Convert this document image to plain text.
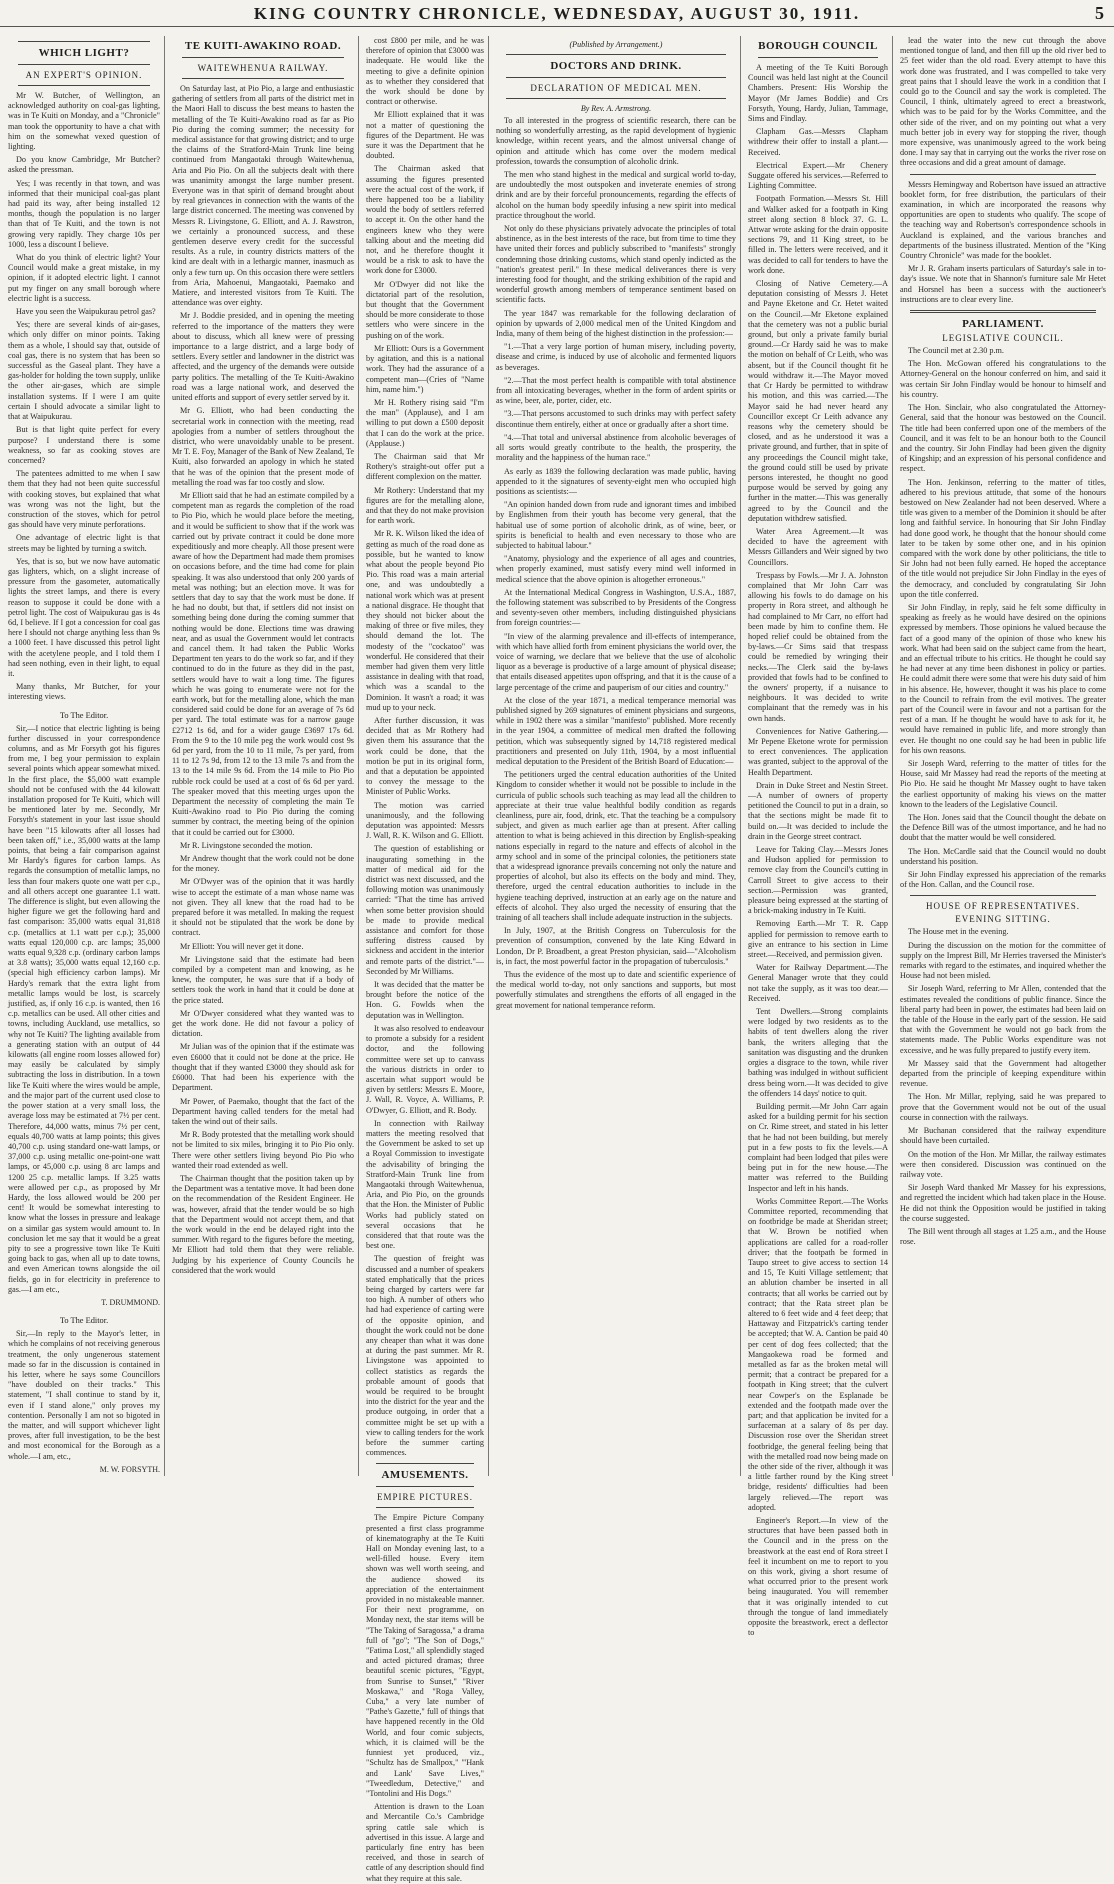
KING COUNTRY CHRONICLE, WEDNESDAY, AUGUST 30, 1911.	5
WHICH LIGHT?
AN EXPERT'S OPINION.

Mr W. Butcher, of Wellington, an acknowledged authority on coal-gas lighting, was in Te Kuiti on Monday, and a "Chronicle" man took the opportunity to have a chat with him on the somewhat vexed question of lighting.

Do you know Cambridge, Mr Butcher? asked the pressman.

Yes; I was recently in that town, and was informed that their municipal coal-gas plant had paid its way, after being installed 12 months, though the population is no larger than that of Te Kuiti, and the town is not growing very rapidly. They charge 10s per 1000, less a discount I believe.

What do you think of electric light? Your Council would make a great mistake, in my opinion, if it adopted electric light. I cannot put my finger on any small borough where electric light is a success.

Have you seen the Waipukurau petrol gas?

Yes; there are several kinds of air-gases, which only differ on minor points. Taking them as a whole, I should say that, outside of coal gas, there is no system that has been so successful as the Gaseal plant. They have a gas-holder for holding the town supply, unlike the other air-gases, which are simple installation systems. If I were I am quite certain I should advocate a similar light to that at Waipukurau.

But is that light quite perfect for every purpose? I understand there is some weakness, so far as cooking stoves are concerned?

The patentees admitted to me when I saw them that they had not been quite successful with cooking stoves, but explained that what was wrong was not the light, but the construction of the stoves, which for petrol gas should have very minute perforations.

One advantage of electric light is that streets may be lighted by turning a switch.

Yes, that is so, but we now have automatic gas lighters, which, on a slight increase of pressure from the gasometer, automatically lights the street lamps, and there is every reason to suppose it could be done with a petrol light. The cost of Waipukurau gas is 4s 6d, I believe. If I got a concession for coal gas here I should not charge anything less than 9s a 1000 feet. I have discussed this petrol light with the acetylene people, and I told them I had seen nothing, even in their light, to equal it.

Many thanks, Mr Butcher, for your interesting views.

To The Editor.

Sir,—I notice that electric lighting is being further discussed in your correspondence columns, and as Mr Forsyth got his figures from me, I beg your permission to explain several points which appear somewhat mixed. In the first place, the $5,000 watt example should not be confused with the 44 kilowatt installation proposed for Te Kuiti, which will be mentioned later by me. Secondly, Mr Forsyth's statement in your last issue should have been "15 kilowatts after all losses had been taken off," i.e., 35,000 watts at the lamp points, that being a fair comparison against Mr Hardy's figures for carbon lamps. As regards the consumption of metallic lamps, no less than four makers quote one watt per c.p., and all others accept one guarantee 1.1 watt. The difference is slight, but even allowing the higher figure we get the following hard and fast comparison: 35,000 watts equal 31,818 c.p. (metallics at 1.1 watt per c.p.); 35,000 watts equal 120,000 c.p. arc lamps; 35,000 watts equal 9,328 c.p. (ordinary carbon lamps at 3.8 watts); 35,000 watts equal 12,160 c.p. (special high efficiency carbon lamps). Mr Hardy's remark that the extra light from metallic lamps would be lost, is scarcely justified, as, if only 16 c.p. is wanted, then 16 c.p. metallics can be used. All other cities and towns, including Auckland, use metallics, so why not Te Kuiti? The lighting available from a generating station with an output of 44 kilowatts (all engine room losses allowed for) may easily be calculated by simply subtracting the loss in distribution. In a town like Te Kuiti where the wires would be ample, and the major part of the current used close to the power station at a very small loss, the average loss may be estimated at 7½ per cent. Therefore, 44,000 watts, minus 7½ per cent, equals 40,700 watts at lamp points; this gives 40,700 c.p. using standard one-watt lamps, or 37,000 c.p. using metallic one-point-one watt lamps, or 45,000 c.p. using 8 arc lamps and 1200 25 c.p. metallic lamps. If 3.25 watts were allowed per c.p., as proposed by Mr Hardy, the loss allowed would be 200 per cent! It would be somewhat interesting to know what the losses in pressure and leakage on a similar gas system would amount to. In conclusion let me say that it would be a great pity to see a progressive town like Te Kuiti going back to gas, when all up to date towns, and even American towns alongside the oil fields, go in for electricity in preference to gas.—I am etc.,

T. DRUMMOND.

To The Editor.

Sir,—In reply to the Mayor's letter, in which he complains of not receiving generous treatment, the only ungenerous statement made so far in the discussion is contained in his letter, where he says some Councillors "have doubled on their tracks." This statement, "I shall continue to stand by it, even if I stand alone," only proves my contention. Personally I am not so bigoted in the matter, and will support whichever light proves, after full investigation, to be the best and most economical for the Borough as a whole.—I am, etc.,

M. W. FORSYTH.

TE KUITI-AWAKINO ROAD.
WAITEWHENUA RAILWAY.

On Saturday last, at Pio Pio, a large and enthusiastic gathering of settlers from all parts of the district met in the Maori Hall to discuss the best means to hasten the metalling of the Te Kuiti-Awakino road as far as Pio Pio during the coming summer; the necessity for medical assistance for that growing district; and to urge the claims of the Stratford-Main Trunk line being continued from Mangaotaki through Waitewhenua, Aria and Pio Pio. On all the subjects dealt with there was unanimity amongst the large number present. Everyone was in that spirit of demand brought about by real grievances in connection with the wants of the large district concerned. The meeting was convened by Messrs R. Livingstone, G. Elliott, and A. J. Rawstron, we certainly a pronounced success, and these gentlemen deserve every credit for the successful results. As a rule, in country districts matters of the kind are dealt with in a lethargic manner, inasmuch as only a few turn up. On this occasion there were settlers from Aria, Mahoenui, Mangaotaki, Paemako and Matiere, and interested visitors from Te Kuiti. The attendance was over eighty.

Mr J. Boddie presided, and in opening the meeting referred to the importance of the matters they were about to discuss, which all knew were of pressing importance to a large district, and a large body of settlers. Every settler and landowner in the district was affected, and the urgency of the demands were outside party politics. The metalling of the Te Kuiti-Awakino road was a large national work, and deserved the united efforts and support of every settler served by it.

Mr G. Elliott, who had been conducting the secretarial work in connection with the meeting, read apologies from a number of settlers throughout the district, who were unavoidably unable to be present. Mr T. E. Foy, Manager of the Bank of New Zealand, Te Kuiti, also forwarded an apology in which he stated that he was of the opinion that the present mode of metalling the road was far too costly and slow.

Mr Elliott said that he had an estimate compiled by a competent man as regards the completion of the road to Pio Pio, which he would place before the meeting, and it would be sufficient to show that if the work was carried out by private contract it could be done more expeditiously and more cheaply. All those present were aware of how the Department had made them promises on occasions before, and the time had come for plain speaking. It was also understood that only 200 yards of metal was nothing; but an election move. It was for settlers that day to say that the work must be done. If he had no doubt, but that, if settlers did not insist on something being done during the coming summer that nothing would be done. Elections time was drawing near, and as usual the Government would let contracts and cancel them. It had taken the Public Works Department ten years to do the work so far, and if they continued to do in the future as they did in the past, settlers would have to wait a long time. The figures which he was going to enumerate were not for the earth work, but for the metalling alone, which the man considered said could be done for an average of 7s 6d per yard. The total estimate was for a narrow gauge £2712 1s 6d, and for a wider gauge £3697 17s 6d. From the 9 to the 10 mile peg the work would cost 9s 6d per yard, from the 10 to 11 mile, 7s per yard, from 11 to 12 7s 9d, from 12 to the 13 mile 7s and from the 13 to the 14 mile 9s 6d. From the 14 mile to Pio Pio rubble rock could be used at a cost of 6s 6d per yard. The speaker moved that this meeting urges upon the Department the necessity of completing the main Te Kuiti-Awakino road to Pio Pio during the coming summer by contract, the meeting being of the opinion that it could be carried out for £3000.

Mr R. Livingstone seconded the motion.

Mr Andrew thought that the work could not be done for the money.

Mr O'Dwyer was of the opinion that it was hardly wise to accept the estimate of a man whose name was not given. They all knew that the road had to be prepared before it was metalled. In making the request it should not be stipulated that the work be done by contract.

Mr Elliott: You will never get it done.

Mr Livingstone said that the estimate had been compiled by a competent man and knowing, as he knew, the computer, he was sure that if a body of settlers took the work in hand that it could be done at the price stated.

Mr O'Dwyer considered what they wanted was to get the work done. He did not favour a policy of dictation.

Mr Julian was of the opinion that if the estimate was even £6000 that it could not be done at the price. He thought that if they wanted £3000 they should ask for £6000. That had been his experience with the Department.

Mr Power, of Paemako, thought that the fact of the Department having called tenders for the metal had taken the wind out of their sails.

Mr R. Body protested that the metalling work should not be limited to six miles, bringing it to Pio Pio only. There were other settlers living beyond Pio Pio who wanted their road extended as well.

The Chairman thought that the position taken up by the Department was a tentative move. It had been done on the recommendation of the Resident Engineer. He was, however, afraid that the tender would be so high that the Department would not accept them, and that the work would in the end be delayed right into the summer. With regard to the figures before the meeting, Mr Elliott had told them that they were reliable. Judging by his experience of County Councils he considered that the work would

cost £800 per mile, and he was therefore of opinion that £3000 was inadequate. He would like the meeting to give a definite opinion as to whether they considered that the work should be done by contract or otherwise.

Mr Elliott explained that it was not a matter of questioning the figures of the Department. He was sure it was the Department that he doubted.

The Chairman asked that assuming the figures presented were the actual cost of the work, if there happened too be a liability would the body of settlers referred to accept it. On the other hand the engineers knew who they were talking about and the meeting did not, and he therefore thought it would be a risk to ask to have the work done for £3000.

Mr O'Dwyer did not like the dictatorial part of the resolution, but thought that the Government should be more considerate to those settlers who were sincere in the pushing on of the work.

Mr Elliott: Ours is a Government by agitation, and this is a national work. They had the assurance of a competent man—(Cries of "Name him, name him.")

Mr H. Rothery rising said "I'm the man" (Applause), and I am willing to put down a £500 deposit that I can do the work at the price. (Applause.)

The Chairman said that Mr Rothery's straight-out offer put a different complexion on the matter.

Mr Rothery: Understand that my figures are for the metalling alone, and that they do not make provision for earth work.

Mr R. K. Wilson liked the idea of getting as much of the road done as possible, but he wanted to know what about the people beyond Pio Pio. This road was a main arterial one, and was undoubtedly a national work which was at present a national disgrace. He thought that they should not bicker about the making of three or five miles, they should demand the lot. The modesty of the "cockatoo" was wonderful. He considered that their member had given them very little assistance in dealing with that road, which was a scandal to the Dominion. It wasn't a road; it was mud up to your neck.

After further discussion, it was decided that as Mr Rothery had given them his assurance that the work could be done, that the motion be put in its original form, and that a deputation be appointed to convey the message to the Minister of Public Works.

The motion was carried unanimously, and the following deputation was appointed: Messrs J. Wall, R. K. Wilson and G. Elliott.

The question of establishing or inaugurating something in the matter of medical aid for the district was next discussed, and the following motion was unanimously carried: "That the time has arrived when some better provision should be made to provide medical assistance and comfort for those suffering distress caused by sickness and accident in the interior and remote parts of the district."—Seconded by Mr Williams.

It was decided that the matter be brought before the notice of the Hon. G. Fowlds when the deputation was in Wellington.

It was also resolved to endeavour to promote a subsidy for a resident doctor, and the following committee were set up to canvass the various districts in order to ascertain what support would be given by settlers: Messrs E. Moore, J. Wall, R. Voyce, A. Williams, P. O'Dwyer, G. Elliott, and R. Body.

In connection with Railway matters the meeting resolved that the Government be asked to set up a Royal Commission to investigate the advisability of bringing the Stratford-Main Trunk line from Mangaotaki through Waitewhenua, Aria, and Pio Pio, on the grounds that the Hon. the Minister of Public Works had publicly stated on several occasions that he considered that that route was the best one.

The question of freight was discussed and a number of speakers stated emphatically that the prices being charged by carters were far too high. A number of others who had had experience of carting were of the opposite opinion, and thought the work could not be done any cheaper than what it was done at during the past summer. Mr R. Livingstone was appointed to collect statistics as regards the probable amount of goods that would be required to be brought into the district for the year and the produce outgoing, in order that a committee might be set up with a view to calling tenders for the work before the summer carting commences.

AMUSEMENTS.
EMPIRE PICTURES.

The Empire Picture Company presented a first class programme of kinematography at the Te Kuiti Hall on Monday evening last, to a well-filled house. Every item shown was well worth seeing, and the audience showed its appreciation of the entertainment provided in no mistakeable manner. For their next programme, on Monday next, the star items will be "The Taking of Saragossa," a drama full of "go"; "The Son of Dogs," "Fatima Lost," all splendidly staged and acted pictured dramas; three beautiful scenic pictures, "Egypt, from Sunrise to Sunset," "River Moskawa," and "Roga Valley, Cuba," a very late number of "Pathe's Gazette," full of things that have happened recently in the Old World, and four comic subjects, which, it is claimed will be the funniest yet produced, viz., "Schultz has de Smallpox," "'Hank and Lank' Save Lives," "Tweedledum, Detective," and "Tontolini and His Dogs."

Attention is drawn to the Loan and Mercantile Co.'s Cambridge spring cattle sale which is advertised in this issue. A large and particularly fine entry has been received, and those in search of cattle of any description should find what they require at this sale.

(Published by Arrangement.)
DOCTORS AND DRINK.
DECLARATION OF MEDICAL MEN.
By Rev. A. Armstrong.

To all interested in the progress of scientific research, there can be nothing so wonderfully arresting, as the rapid development of hygienic knowledge, within recent years, and the almost universal change of opinion and attitude which has come over the modern medical profession, towards the consumption of alcoholic drink.

The men who stand highest in the medical and surgical world to-day, are undoubtedly the most outspoken and inveterate enemies of strong drink and are by their forceful pronouncements, regarding the effects of alcohol on the human body speedily infusing a new spirit into medical practice throughout the world.

Not only do these physicians privately advocate the principles of total abstinence, as in the best interests of the race, but from time to time they have united their forces and publicly subscribed to "manifests" strongly condemning those drinking customs, which stand openly indicted as the "nation's greatest peril." In these medical deliverances there is very interesting food for thought, and the striking exhibition of the rapid and wonderful growth among members of temperance sentiment based on scientific facts.

The year 1847 was remarkable for the following declaration of opinion by upwards of 2,000 medical men of the United Kingdom and India, many of them being of the highest distinction in the profession:—

"1.—That a very large portion of human misery, including poverty, disease and crime, is induced by use of alcoholic and fermented liquors as beverages.

"2.—That the most perfect health is compatible with total abstinence from all intoxicating beverages, whether in the form of ardent spirits or as wine, beer, ale, porter, cider, etc.

"3.—That persons accustomed to such drinks may with perfect safety discontinue them entirely, either at once or gradually after a short time.

"4.—That total and universal abstinence from alcoholic beverages of all sorts would greatly contribute to the health, the prosperity, the morality and the happiness of the human race."

As early as 1839 the following declaration was made public, having appended to it the signatures of seventy-eight men who occupied high positions as scientists:—

"An opinion handed down from rude and ignorant times and imbibed by Englishmen from their youth has become very general, that the habitual use of some portion of alcoholic drink, as of wine, beer, or spirits is beneficial to health and even necessary to those who are subjected to habitual labour."

"Anatomy, physiology and the experience of all ages and countries, when properly examined, must satisfy every mind well informed in medical science that the above opinion is altogether erroneous."

At the International Medical Congress in Washington, U.S.A., 1887, the following statement was subscribed to by Presidents of the Congress and seventy-seven other members, including distinguished physicians from foreign countries:—

"In view of the alarming prevalence and ill-effects of intemperance, with which have allied forth from eminent physicians the world over, the voice of warning, we declare that we believe that the use of alcoholic liquor as a beverage is productive of a large amount of physical disease; that entails diseased appetites upon offspring, and that it is the cause of a large percentage of the crime and pauperism of our cities and country."

At the close of the year 1871, a medical temperance memorial was published signed by 269 signatures of eminent physicians and surgeons, while in 1902 there was a similar "manifesto" published. More recently in the year 1904, a committee of medical men drafted the following petition, which was subsequently signed by 14,718 registered medical practitioners and presented on July 11th, 1904, by a most influential medical deputation to the President of the British Board of Education:—

The petitioners urged the central education authorities of the United Kingdom to consider whether it would not be possible to include in the curricula of public schools such teaching as may lead all the children to appreciate at their true value healthful bodily condition as regards cleanliness, pure air, food, drink, etc. That the teaching be a compulsory subject, and given as much earlier age than at present. After calling attention to what is being achieved in this direction by English-speaking nations especially in regard to the nature and effects of alcohol in the army school and in some of the principal colonies, the petitioners state that a widespread ignorance prevails concerning not only the nature and properties of alcohol, but also its effects on the body and mind. They, therefore, urged the central education authorities to include in the hygiene teaching deprived, instruction at an early age on the nature and effects of alcohol. They also urged the necessity of ensuring that the training of all teachers shall include adequate instruction in the subjects.

In July, 1907, at the British Congress on Tuberculosis for the prevention of consumption, convened by the late King Edward in London, Dr P. Broadbent, a great Preston physician, said—"Alcoholism is, in fact, the most powerful factor in the propagation of tuberculosis."

Thus the evidence of the most up to date and scientific experience of the medical world to-day, not only sanctions and supports, but most powerfully stimulates and strengthens the efforts of all engaged in the great movement for national temperance reform.

BOROUGH COUNCIL

A meeting of the Te Kuiti Borough Council was held last night at the Council Chambers. Present: His Worship the Mayor (Mr James Boddie) and Crs Forsyth, Young, Hardy, Julian, Tammage, Sims and Findlay.

Clapham Gas.—Messrs Clapham withdrew their offer to install a plant.—Received.

Electrical Expert.—Mr Chenery Suggate offered his services.—Referred to Lighting Committee.

Footpath Formation.—Messrs St. Hill and Walker asked for a footpath in King street along section 8 block 37. G. L. Attwar wrote asking for the drain opposite sections 79, and 11 King street, to be filled in. The letters were received, and it was decided to call for tenders to have the work done.

Closing of Native Cemetery.—A deputation consisting of Messrs J. Hetet and Payne Eketone and Cr. Hetet waited on the Council.—Mr Eketone explained that the cemetery was not a public burial ground, but only a private family burial ground.—Cr Hardy said he was to make the motion on behalf of Cr Leith, who was absent, but if the Council thought fit he would withdraw it.—The Mayor moved that Cr Hardy be permitted to withdraw his motion, and this was carried.—The Mayor said he had never heard any Councillor except Cr Leith advance any reasons why the cemetery should be closed, and as he understood it was a private ground, and further, that in spite of any proceedings the Council might take, the ground could still be used by private persons interested, he thought no good purpose would be served by going any further in the matter.—This was generally agreed to by the Council and the deputation withdrew satisfied.

Water Area Agreement.—It was decided to have the agreement with Messrs Gillanders and Weir signed by two Councillors.

Trespass by Fowls.—Mr J. A. Johnston complained that Mr John Carr was allowing his fowls to do damage on his property in Rora street, and although he had complained to Mr Carr, no effort had been made by him to confine them. He hoped relief could be obtained from the by-laws.—Cr Sims said that trespass could be remedied by wringing their necks.—The Clerk said the by-laws provided that fowls had to be confined to the owners' property, if a nuisance to neighbours. It was decided to write complainant that the remedy was in his own hands.

Conveniences for Native Gathering.—Mr Pepene Eketone wrote for permission to erect conveniences. The application was granted, subject to the approval of the Health Department.

Drain in Duke Street and Nestin Street.—A number of owners of property petitioned the Council to put in a drain, so that the sections might be made fit to build on.—It was decided to include the drain in the George street contract.

Leave for Taking Clay.—Messrs Jones and Hudson applied for permission to remove clay from the Council's cutting in Carroll Street to give access to their section.—Permission was granted, pleasure being expressed at the starting of a brick-making industry in Te Kuiti.

Removing Earth.—Mr T. R. Capp applied for permission to remove earth to give an entrance to his section in Lime street.—Received, and permission given.

Water for Railway Department.—The General Manager wrote that they could not take the supply, as it was too dear.—Received.

Tent Dwellers.—Strong complaints were lodged by two residents as to the habits of tent dwellers along the river bank, the writers alleging that the sanitation was disgusting and the drunken orgies a disgrace to the town, while river bathing was indulged in without sufficient dress being worn.—It was decided to give the offenders 14 days' notice to quit.

Building permit.—Mr John Carr again asked for a building permit for his section on Cr. Rime street, and stated in his letter that he had not been building, but merely put in a few posts to fix the levels.—A complaint had been lodged that piles were being put in for the new house.—The matter was referred to the Building Inspector and left in his hands.

Works Committee Report.—The Works Committee reported, recommending that on footbridge be made at Sheridan street; that W. Brown be notified when applications are called for a road-roller driver; that the footpath be formed in Taupo street to give access to section 14 and 15, Te Kuiti Village settlement; that an ablution chamber be inserted in all contracts; that all works be carried out by contract; that the Rata street plan be altered to 6 feet wide and 4 feet deep; that Hattaway and Fitzpatrick's carting tender be accepted; that W. A. Cantion be paid 40 per cent of dog fees collected; that the Mangaokewa road be formed and metalled as far as the broken metal will permit; that a contract be prepared for a footpath in King street; that the culvert near Cowper's on the Esplanade be extended and the footpath made over the part; and that application be invited for a surfaceman at a salary of 8s per day. Discussion rose over the Sheridan street footbridge, the general feeling being that with the metalled road now being made on the other side of the river, although it was a little farther round by the King street bridge, residents' difficulties had been largely relieved.—The report was adopted.

Engineer's Report.—In view of the structures that have been passed both in the Council and in the press on the breastwork at the east end of Rora street I feel it incumbent on me to report to you on this work, giving a short resume of what occurred prior to the present work being inaugurated. You will remember that it was originally intended to cut through the tongue of land immediately opposite the breastwork, erect a deflector to

lead the water into the new cut through the above mentioned tongue of land, and then fill up the old river bed to 25 feet wider than the old road. Every attempt to have this work done was frustrated, and I was compelled to take very great pains that I should leave the work in a condition that I could go to the Council and say the work is completed. The Council, I think, ultimately agreed to erect a breastwork, which was to be paid for by the Works Committee, and the other side of the river, and on my pointing out what a very much better job in every way for stopping the river, though more expensive, was unanimously agreed to the work being done. I may say that in carrying out the works the river rose on three occasions and did a great amount of damage.

Messrs Hemingway and Robertson have issued an attractive booklet form, for free distribution, the particulars of their examination, in which are incorporated the reasons why opportunities are open to students who qualify. The scope of the teaching way and Robertson's correspondence schools in Auckland is explained, and the various branches and departments of the business illustrated. Mention of the "King Country Chronicle" was made for the booklet.

Mr J. R. Graham inserts particulars of Saturday's sale in to-day's issue. We note that in Shannon's furniture sale Mr Hetet and Horsnel has been a success with the auctioneer's instructions are to clear every line.

PARLIAMENT.
LEGISLATIVE COUNCIL.

The Council met at 2.30 p.m.

The Hon. McGowan offered his congratulations to the Attorney-General on the honour conferred on him, and said it was certain Sir John Findlay would be honour to himself and his country.

The Hon. Sinclair, who also congratulated the Attorney-General, said that the honour was bestowed on the Council. The title had been conferred upon one of the members of the Council, and it was felt to be an honour both to the Council and the country. Sir John Findlay had been given the dignity of Kingship; and an expression of his personal confidence and respect.

The Hon. Jenkinson, referring to the matter of titles, adhered to his previous attitude, that some of the honours bestowed on New Zealander had not been deserved. Where a title was given to a member of the Dominion it should be after long and faithful service. In honouring that Sir John Findlay had done good work, he thought that the honour should come later to be taken by some other one, and in his opinion compared with the work done by other politicians, the title to Sir John had not been fully earned. He hoped the acceptance of the title would not prejudice Sir John Findlay in the eyes of the democracy, and concluded by congratulating Sir John upon the title conferred.

Sir John Findlay, in reply, said he felt some difficulty in speaking as freely as he would have desired on the opinions expressed by members. Those opinions he valued because the fact of a good many of the opinion of those who knew his work. What had been said on the subject came from the heart, and an effectual tribute to his critics. He thought he could say he had never at any time been dishonest in policy or parties. He could admit there were some that were his duty said of him in his absence. He, however, thought it was his place to come to the Council to refrain from the evil motives. The greater part of the Council were in favour and not a partisan for the rest of a man. If he thought he would have to ask for it, he would have remained in public life, and more strongly than ever. He thought no one could say he had been in public life for his own reasons.

Sir Joseph Ward, referring to the matter of titles for the House, said Mr Massey had read the reports of the meeting at Pio Pio. He said he thought Mr Massey ought to have taken the earliest opportunity of making his views on the matter known to the leaders of the Legislative Council.

The Hon. Jones said that the Council thought the debate on the Defence Bill was of the utmost importance, and he had no doubt that the matter would be well considered.

The Hon. McCardle said that the Council would no doubt understand his position.

Sir John Findlay expressed his appreciation of the remarks of the Hon. Callan, and the Council rose.

HOUSE OF REPRESENTATIVES.
EVENING SITTING.

The House met in the evening.

During the discussion on the motion for the committee of supply on the Imprest Bill, Mr Herries traversed the Minister's remarks with regard to the estimates, and inquired whether the House had not been misled.

Sir Joseph Ward, referring to Mr Allen, contended that the estimates revealed the conditions of public finance. Since the liberal party had been in power, the estimates had been laid on the table of the House in the early part of the session. He said that with the Government he would not go back from the statements made. The Public Works expenditure was not excessive, and he was fully prepared to justify every item.

Mr Massey said that the Government had altogether departed from the principle of keeping expenditure within revenue.

The Hon. Mr Millar, replying, said he was prepared to prove that the Government would not be out of the usual course in connection with the railways.

Mr Buchanan considered that the railway expenditure should have been curtailed.

On the motion of the Hon. Mr Millar, the railway estimates were then considered. Discussion was continued on the railway vote.

Sir Joseph Ward thanked Mr Massey for his expressions, and regretted the incident which had taken place in the House. He did not think the Opposition would be justified in taking the course suggested.

The Bill went through all stages at 1.25 a.m., and the House rose.
